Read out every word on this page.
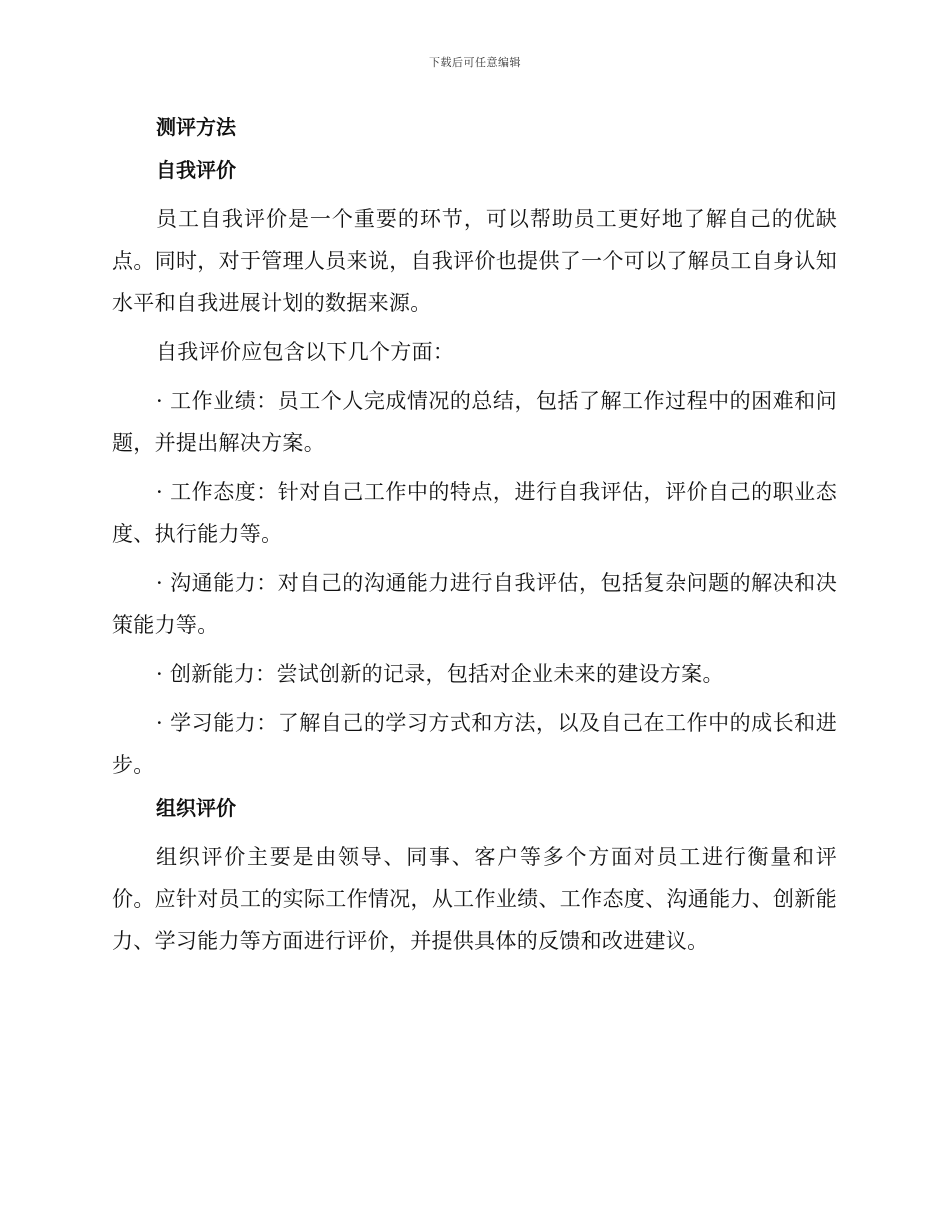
下载后可任意编辑
测评方法
自我评价
员工自我评价是一个重要的环节，可以帮助员工更好地了解自己的优缺点。同时，对于管理人员来说，自我评价也提供了一个可以了解员工自身认知水平和自我进展计划的数据来源。
自我评价应包含以下几个方面：
· 工作业绩：员工个人完成情况的总结，包括了解工作过程中的困难和问题，并提出解决方案。
· 工作态度：针对自己工作中的特点，进行自我评估，评价自己的职业态度、执行能力等。
· 沟通能力：对自己的沟通能力进行自我评估，包括复杂问题的解决和决策能力等。
· 创新能力：尝试创新的记录，包括对企业未来的建设方案。
· 学习能力：了解自己的学习方式和方法，以及自己在工作中的成长和进步。
组织评价
组织评价主要是由领导、同事、客户等多个方面对员工进行衡量和评价。应针对员工的实际工作情况，从工作业绩、工作态度、沟通能力、创新能力、学习能力等方面进行评价，并提供具体的反馈和改进建议。
